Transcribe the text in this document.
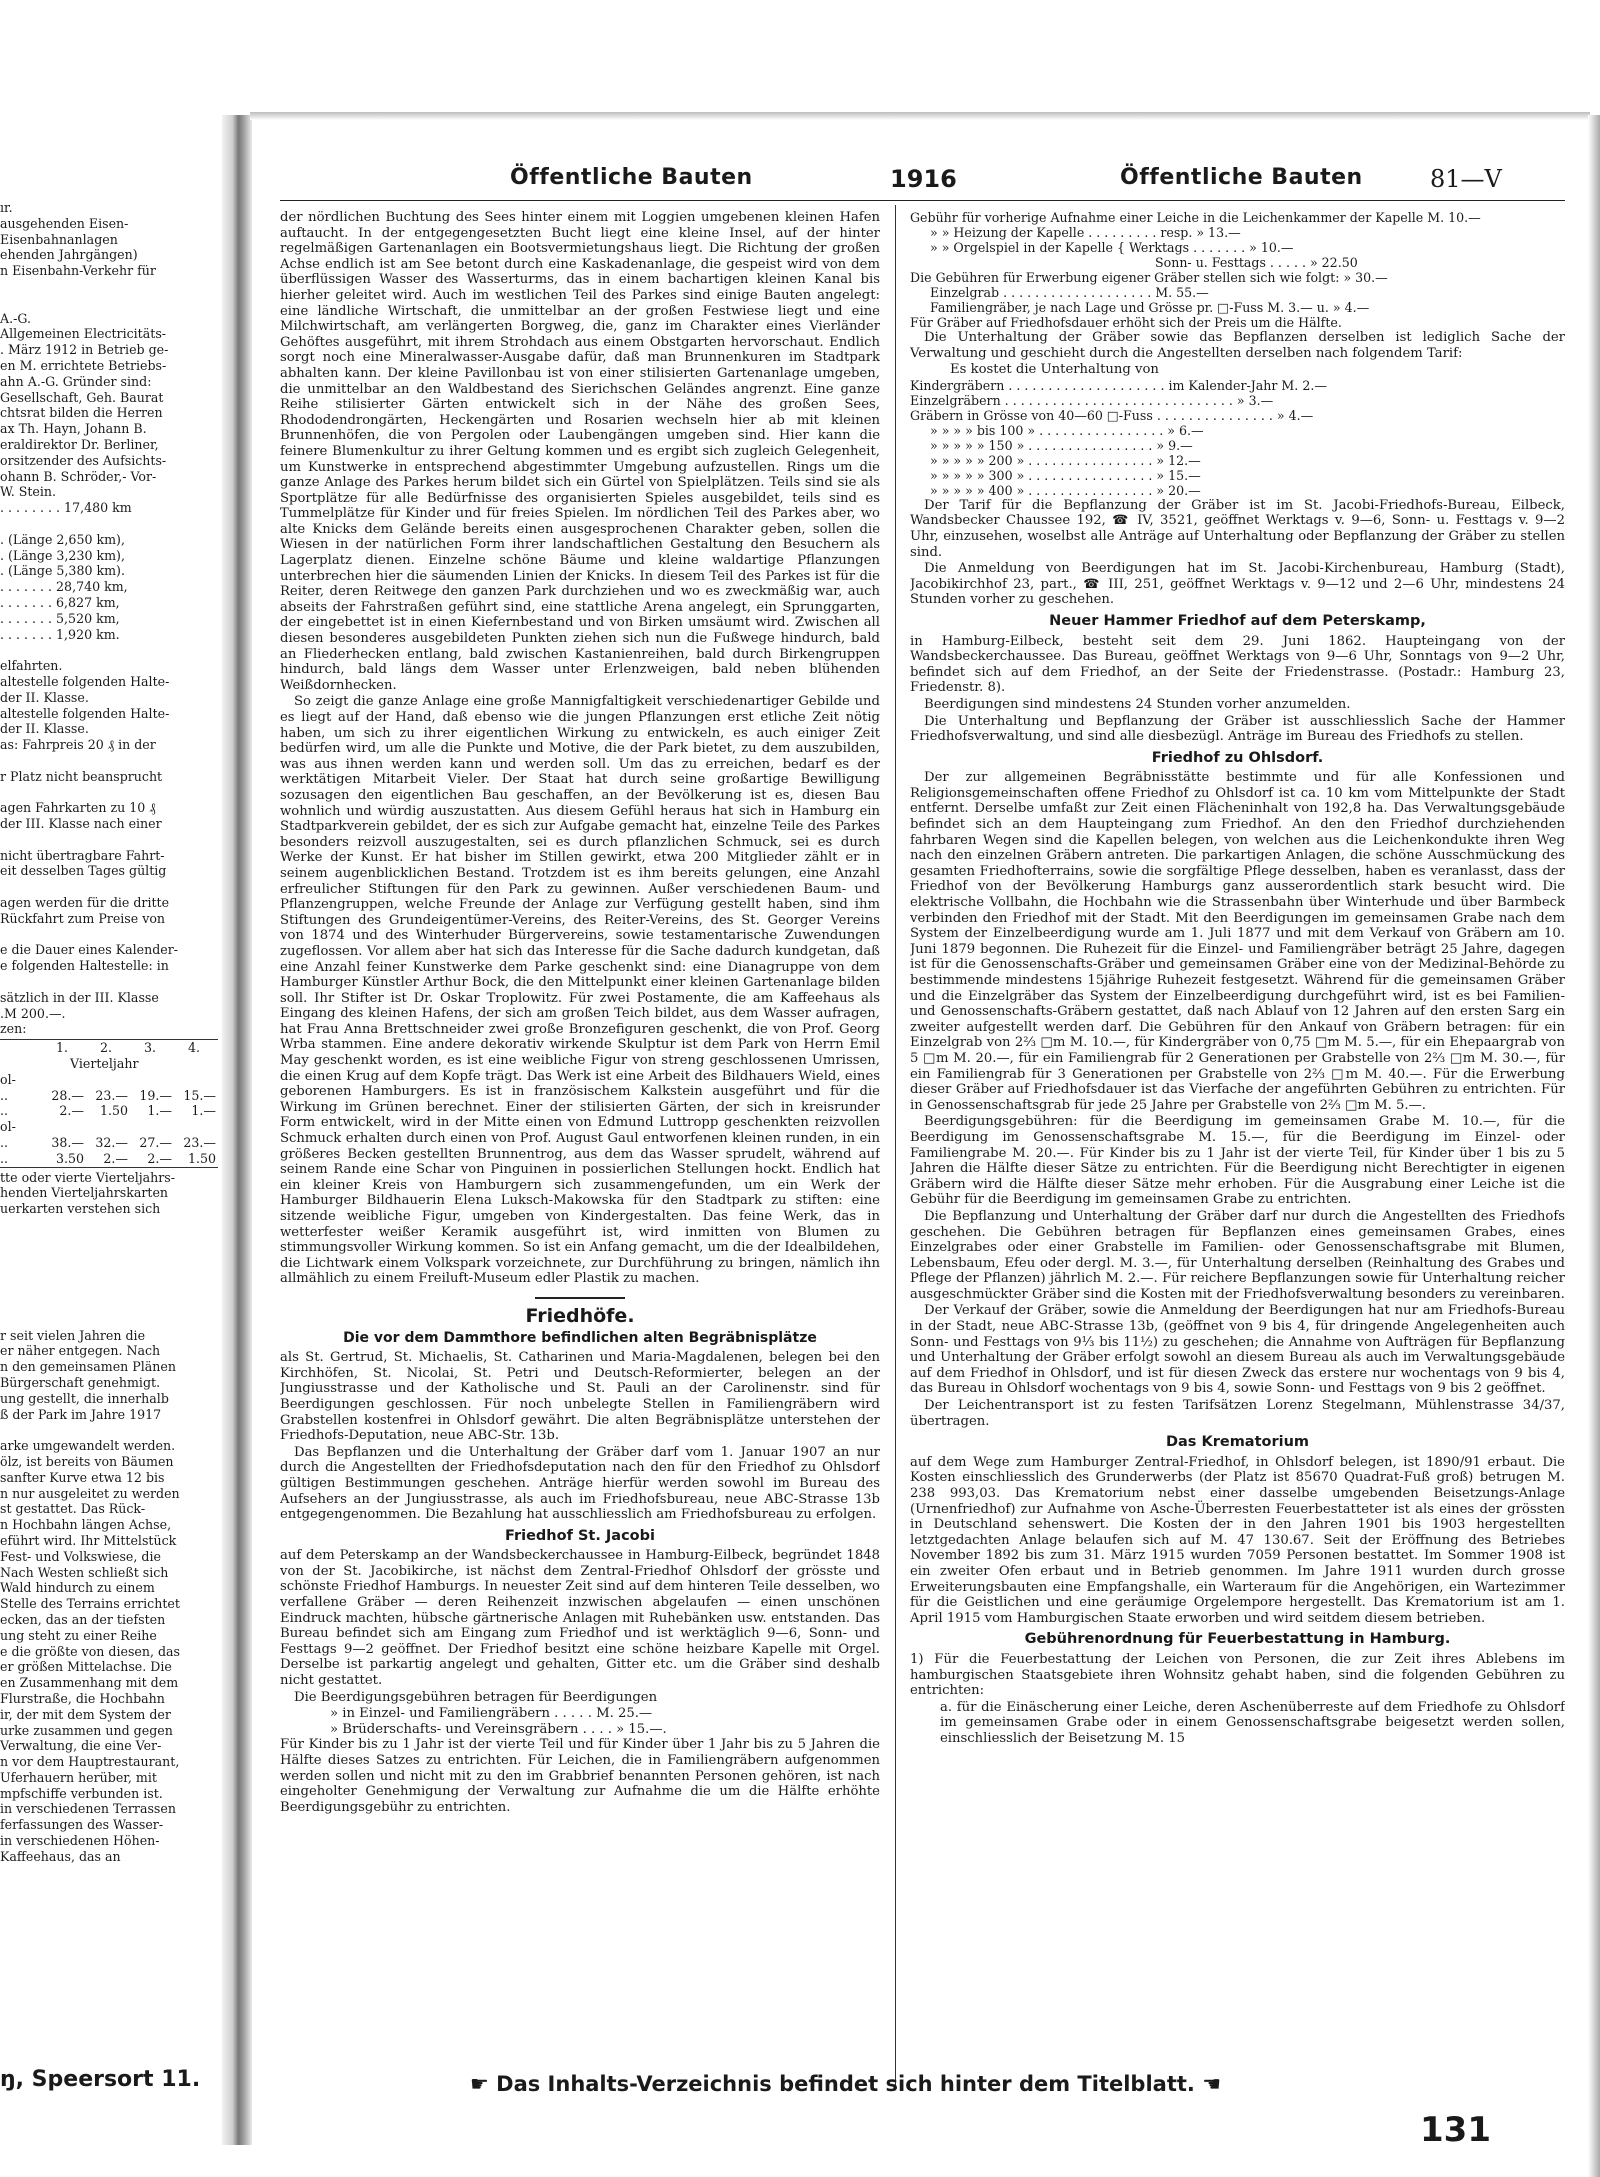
Öffentliche Bauten	1916	Öffentliche Bauten	81—V
ır.
ausgehenden Eisen-
Eisenbahnanlagen
ehenden Jahrgängen)
n Eisenbahn-Verkehr für
A.-G.
Allgemeinen Electricitäts-
. März 1912 in Betrieb ge-
en M. errichtete Betriebs-
ahn A.-G. Gründer sind:
Gesellschaft, Geh. Baurat
chtsrat bilden die Herren
ax Th. Hayn, Johann B.
eraldirektor Dr. Berliner,
orsitzender des Aufsichts-
ohann B. Schröder,- Vor-
W. Stein.
. . . . . . . . 17,480 km
. (Länge 2,650 km),
. (Länge 3,230 km),
. (Länge 5,380 km).
. . . . . . . 28,740 km,
. . . . . . . 6,827 km,
. . . . . . . 5,520 km,
. . . . . . . 1,920 km.
elfahrten.
altestelle folgenden Halte-
der II. Klasse.
altestelle folgenden Halte-
der II. Klasse.
as: Fahrpreis 20 ₰ in der
r Platz nicht beansprucht
agen Fahrkarten zu 10 ₰
der III. Klasse nach einer
nicht übertragbare Fahrt-
eit desselben Tages gültig
agen werden für die dritte
Rückfahrt zum Preise von
e die Dauer eines Kalender-
e folgenden Haltestelle: in
sätzlich in der III. Klasse
.M 200.—.
zen:
1.	2.	3.	4.
Vierteljahr
ol-
..	28.— 23.— 19.— 15.—
..	2.—	1.50	1.—	1.—
ol-
..	38.— 32.— 27.— 23.—
..	3.50	2.—	2.—	1.50
tte oder vierte Vierteljahrs-
henden Vierteljahrskarten
uerkarten verstehen sich
r seit vielen Jahren die
er näher entgegen. Nach
n den gemeinsamen Plänen
Bürgerschaft genehmigt.
ung gestellt, die innerhalb
ß der Park im Jahre 1917
arke umgewandelt werden.
ölz, ist bereits von Bäumen
sanfter Kurve etwa 12 bis
n nur ausgeleitet zu werden
st gestattet. Das Rück-
n Hochbahn längen Achse,
eführt wird. Ihr Mittelstück
Fest- und Volkswiese, die
Nach Westen schließt sich
Wald hindurch zu einem
Stelle des Terrains errichtet
ecken, das an der tiefsten
ung steht zu einer Reihe
e die größte von diesen, das
er größen Mittelachse. Die
en Zusammenhang mit dem
Flurstraße, die Hochbahn
ir, der mit dem System der
urke zusammen und gegen
Verwaltung, die eine Ver-
n vor dem Hauptrestaurant,
Uferhauern herüber, mit
mpfschiffe verbunden ist.
in verschiedenen Terrassen
ferfassungen des Wasser-
in verschiedenen Höhen-
Kaffeehaus, das an
ŋ, Speersort 11.

der nördlichen Buchtung des Sees hinter einem mit Loggien umgebenen kleinen Hafen auftaucht. In der entgegengesetzten Bucht liegt eine kleine Insel, auf der hinter regelmäßigen Gartenanlagen ein Bootsvermietungshaus liegt. Die Richtung der großen Achse endlich ist am See betont durch eine Kaskadenanlage, die gespeist wird von dem überflüssigen Wasser des Wasserturms, das in einem bachartigen kleinen Kanal bis hierher geleitet wird. Auch im westlichen Teil des Parkes sind einige Bauten angelegt: eine ländliche Wirtschaft, die unmittelbar an der großen Festwiese liegt und eine Milchwirtschaft, am verlängerten Borgweg, die, ganz im Charakter eines Vierländer Gehöftes ausgeführt, mit ihrem Strohdach aus einem Obstgarten hervorschaut. Endlich sorgt noch eine Mineralwasser-Ausgabe dafür, daß man Brunnenkuren im Stadtpark abhalten kann. Der kleine Pavillonbau ist von einer stilisierten Gartenanlage umgeben, die unmittelbar an den Waldbestand des Sierichschen Geländes angrenzt. Eine ganze Reihe stilisierter Gärten entwickelt sich in der Nähe des großen Sees, Rhododendrongärten, Heckengärten und Rosarien wechseln hier ab mit kleinen Brunnenhöfen, die von Pergolen oder Laubengängen umgeben sind. Hier kann die feinere Blumenkultur zu ihrer Geltung kommen und es ergibt sich zugleich Gelegenheit, um Kunstwerke in entsprechend abgestimmter Umgebung aufzustellen. Rings um die ganze Anlage des Parkes herum bildet sich ein Gürtel von Spielplätzen. Teils sind sie als Sportplätze für alle Bedürfnisse des organisierten Spieles ausgebildet, teils sind es Tummelplätze für Kinder und für freies Spielen. Im nördlichen Teil des Parkes aber, wo alte Knicks dem Gelände bereits einen ausgesprochenen Charakter geben, sollen die Wiesen in der natürlichen Form ihrer landschaftlichen Gestaltung den Besuchern als Lagerplatz dienen. Einzelne schöne Bäume und kleine waldartige Pflanzungen unterbrechen hier die säumenden Linien der Knicks. In diesem Teil des Parkes ist für die Reiter, deren Reitwege den ganzen Park durchziehen und wo es zweckmäßig war, auch abseits der Fahrstraßen geführt sind, eine stattliche Arena angelegt, ein Sprunggarten, der eingebettet ist in einen Kiefernbestand und von Birken umsäumt wird. Zwischen all diesen besonderes ausgebildeten Punkten ziehen sich nun die Fußwege hindurch, bald an Fliederhecken entlang, bald zwischen Kastanienreihen, bald durch Birkengruppen hindurch, bald längs dem Wasser unter Erlenzweigen, bald neben blühenden Weißdornhecken.

So zeigt die ganze Anlage eine große Mannigfaltigkeit verschiedenartiger Gebilde und es liegt auf der Hand, daß ebenso wie die jungen Pflanzungen erst etliche Zeit nötig haben, um sich zu ihrer eigentlichen Wirkung zu entwickeln, es auch einiger Zeit bedürfen wird, um alle die Punkte und Motive, die der Park bietet, zu dem auszubilden, was aus ihnen werden kann und werden soll. Um das zu erreichen, bedarf es der werktätigen Mitarbeit Vieler. Der Staat hat durch seine großartige Bewilligung sozusagen den eigentlichen Bau geschaffen, an der Bevölkerung ist es, diesen Bau wohnlich und würdig auszustatten. Aus diesem Gefühl heraus hat sich in Hamburg ein Stadtparkverein gebildet, der es sich zur Aufgabe gemacht hat, einzelne Teile des Parkes besonders reizvoll auszugestalten, sei es durch pflanzlichen Schmuck, sei es durch Werke der Kunst. Er hat bisher im Stillen gewirkt, etwa 200 Mitglieder zählt er in seinem augenblicklichen Bestand. Trotzdem ist es ihm bereits gelungen, eine Anzahl erfreulicher Stiftungen für den Park zu gewinnen. Außer verschiedenen Baum- und Pflanzengruppen, welche Freunde der Anlage zur Verfügung gestellt haben, sind ihm Stiftungen des Grundeigentümer-Vereins, des Reiter-Vereins, des St. Georger Vereins von 1874 und des Winterhuder Bürgervereins, sowie testamentarische Zuwendungen zugeflossen. Vor allem aber hat sich das Interesse für die Sache dadurch kundgetan, daß eine Anzahl feiner Kunstwerke dem Parke geschenkt sind: eine Dianagruppe von dem Hamburger Künstler Arthur Bock, die den Mittelpunkt einer kleinen Gartenanlage bilden soll. Ihr Stifter ist Dr. Oskar Troplowitz. Für zwei Postamente, die am Kaffeehaus als Eingang des kleinen Hafens, der sich am großen Teich bildet, aus dem Wasser aufragen, hat Frau Anna Brettschneider zwei große Bronzefiguren geschenkt, die von Prof. Georg Wrba stammen. Eine andere dekorativ wirkende Skulptur ist dem Park von Herrn Emil May geschenkt worden, es ist eine weibliche Figur von streng geschlossenen Umrissen, die einen Krug auf dem Kopfe trägt. Das Werk ist eine Arbeit des Bildhauers Wield, eines geborenen Hamburgers. Es ist in französischem Kalkstein ausgeführt und für die Wirkung im Grünen berechnet. Einer der stilisierten Gärten, der sich in kreisrunder Form entwickelt, wird in der Mitte einen von Edmund Luttropp geschenkten reizvollen Schmuck erhalten durch einen von Prof. August Gaul entworfenen kleinen runden, in ein größeres Becken gestellten Brunnentrog, aus dem das Wasser sprudelt, während auf seinem Rande eine Schar von Pinguinen in possierlichen Stellungen hockt. Endlich hat ein kleiner Kreis von Hamburgern sich zusammengefunden, um ein Werk der Hamburger Bildhauerin Elena Luksch-Makowska für den Stadtpark zu stiften: eine sitzende weibliche Figur, umgeben von Kindergestalten. Das feine Werk, das in wetterfester weißer Keramik ausgeführt ist, wird inmitten von Blumen zu stimmungsvoller Wirkung kommen. So ist ein Anfang gemacht, um die der Idealbildehen, die Lichtwark einem Volkspark vorzeichnete, zur Durchführung zu bringen, nämlich ihn allmählich zu einem Freiluft-Museum edler Plastik zu machen.

Friedhöfe.
Die vor dem Dammthore befindlichen alten Begräbnisplätze

als St. Gertrud, St. Michaelis, St. Catharinen und Maria-Magdalenen, belegen bei den Kirchhöfen, St. Nicolai, St. Petri und Deutsch-Reformierter, belegen an der Jungiusstrasse und der Katholische und St. Pauli an der Carolinenstr. sind für Beerdigungen geschlossen. Für noch unbelegte Stellen in Familiengräbern wird Grabstellen kostenfrei in Ohlsdorf gewährt. Die alten Begräbnisplätze unterstehen der Friedhofs-Deputation, neue ABC-Str. 13b.

Das Bepflanzen und die Unterhaltung der Gräber darf vom 1. Januar 1907 an nur durch die Angestellten der Friedhofsdeputation nach den für den Friedhof zu Ohlsdorf gültigen Bestimmungen geschehen. Anträge hierfür werden sowohl im Bureau des Aufsehers an der Jungiusstrasse, als auch im Friedhofsbureau, neue ABC-Strasse 13b entgegengenommen. Die Bezahlung hat ausschliesslich am Friedhofsbureau zu erfolgen.

Friedhof St. Jacobi

auf dem Peterskamp an der Wandsbeckerchaussee in Hamburg-Eilbeck, begründet 1848 von der St. Jacobikirche, ist nächst dem Zentral-Friedhof Ohlsdorf der grösste und schönste Friedhof Hamburgs. In neuester Zeit sind auf dem hinteren Teile desselben, wo verfallene Gräber — deren Reihenzeit inzwischen abgelaufen — einen unschönen Eindruck machten, hübsche gärtnerische Anlagen mit Ruhebänken usw. entstanden. Das Bureau befindet sich am Eingang zum Friedhof und ist werktäglich 9—6, Sonn- und Festtags 9—2 geöffnet. Der Friedhof besitzt eine schöne heizbare Kapelle mit Orgel. Derselbe ist parkartig angelegt und gehalten, Gitter etc. um die Gräber sind deshalb nicht gestattet.

Die Beerdigungsgebühren betragen für Beerdigungen

» in Einzel- und Familiengräbern . . . . . M. 25.—
» Brüderschafts- und Vereinsgräbern . . . . » 15.—.

Für Kinder bis zu 1 Jahr ist der vierte Teil und für Kinder über 1 Jahr bis zu 5 Jahren die Hälfte dieses Satzes zu entrichten. Für Leichen, die in Familiengräbern aufgenommen werden sollen und nicht mit zu den im Grabbrief benannten Personen gehören, ist nach eingeholter Genehmigung der Verwaltung zur Aufnahme die um die Hälfte erhöhte Beerdigungsgebühr zu entrichten.

Gebühr für vorherige Aufnahme einer Leiche in die Leichenkammer der Kapelle M. 10.—
» » Heizung der Kapelle . . . . . . . . . resp. » 13.—
» » Orgelspiel in der Kapelle { Werktags . . . . . . . » 10.—
Sonn- u. Festtags . . . . . » 22.50
Die Gebühren für Erwerbung eigener Gräber stellen sich wie folgt: » 30.—
Einzelgrab . . . . . . . . . . . . . . . . . . . M. 55.—
Familiengräber, je nach Lage und Grösse pr. □-Fuss M. 3.— u. » 4.—
Für Gräber auf Friedhofsdauer erhöht sich der Preis um die Hälfte.

Die Unterhaltung der Gräber sowie das Bepflanzen derselben ist lediglich Sache der Verwaltung und geschieht durch die Angestellten derselben nach folgendem Tarif:

Es kostet die Unterhaltung von
Kindergräbern . . . . . . . . . . . . . . . . . . . . im Kalender-Jahr M. 2.—
Einzelgräbern . . . . . . . . . . . . . . . . . . . . . . . . . . . . . » 3.—
Gräbern in Grösse von 40—60 □-Fuss . . . . . . . . . . . . . . . » 4.—
» » » » bis 100 » . . . . . . . . . . . . . . . . » 6.—
» » » » » 150 » . . . . . . . . . . . . . . . . » 9.—
» » » » » 200 » . . . . . . . . . . . . . . . . » 12.—
» » » » » 300 » . . . . . . . . . . . . . . . . » 15.—
» » » » » 400 » . . . . . . . . . . . . . . . . » 20.—

Der Tarif für die Bepflanzung der Gräber ist im St. Jacobi-Friedhofs-Bureau, Eilbeck, Wandsbecker Chaussee 192, ☎ IV, 3521, geöffnet Werktags v. 9—6, Sonn- u. Festtags v. 9—2 Uhr, einzusehen, woselbst alle Anträge auf Unterhaltung oder Bepflanzung der Gräber zu stellen sind.

Die Anmeldung von Beerdigungen hat im St. Jacobi-Kirchenbureau, Hamburg (Stadt), Jacobikirchhof 23, part., ☎ III, 251, geöffnet Werktags v. 9—12 und 2—6 Uhr, mindestens 24 Stunden vorher zu geschehen.

Neuer Hammer Friedhof auf dem Peterskamp,

in Hamburg-Eilbeck, besteht seit dem 29. Juni 1862. Haupteingang von der Wandsbeckerchaussee. Das Bureau, geöffnet Werktags von 9—6 Uhr, Sonntags von 9—2 Uhr, befindet sich auf dem Friedhof, an der Seite der Friedenstrasse. (Postadr.: Hamburg 23, Friedenstr. 8).

Beerdigungen sind mindestens 24 Stunden vorher anzumelden.

Die Unterhaltung und Bepflanzung der Gräber ist ausschliesslich Sache der Hammer Friedhofsverwaltung, und sind alle diesbezügl. Anträge im Bureau des Friedhofs zu stellen.

Friedhof zu Ohlsdorf.

Der zur allgemeinen Begräbnisstätte bestimmte und für alle Konfessionen und Religionsgemeinschaften offene Friedhof zu Ohlsdorf ist ca. 10 km vom Mittelpunkte der Stadt entfernt. Derselbe umfaßt zur Zeit einen Flächeninhalt von 192,8 ha. Das Verwaltungsgebäude befindet sich an dem Haupteingang zum Friedhof. An den den Friedhof durchziehenden fahrbaren Wegen sind die Kapellen belegen, von welchen aus die Leichenkondukte ihren Weg nach den einzelnen Gräbern antreten. Die parkartigen Anlagen, die schöne Ausschmückung des gesamten Friedhofterrains, sowie die sorgfältige Pflege desselben, haben es veranlasst, dass der Friedhof von der Bevölkerung Hamburgs ganz ausserordentlich stark besucht wird. Die elektrische Vollbahn, die Hochbahn wie die Strassenbahn über Winterhude und über Barmbeck verbinden den Friedhof mit der Stadt. Mit den Beerdigungen im gemeinsamen Grabe nach dem System der Einzelbeerdigung wurde am 1. Juli 1877 und mit dem Verkauf von Gräbern am 10. Juni 1879 begonnen. Die Ruhezeit für die Einzel- und Familiengräber beträgt 25 Jahre, dagegen ist für die Genossenschafts-Gräber und gemeinsamen Gräber eine von der Medizinal-Behörde zu bestimmende mindestens 15jährige Ruhezeit festgesetzt. Während für die gemeinsamen Gräber und die Einzelgräber das System der Einzelbeerdigung durchgeführt wird, ist es bei Familien- und Genossenschafts-Gräbern gestattet, daß nach Ablauf von 12 Jahren auf den ersten Sarg ein zweiter aufgestellt werden darf. Die Gebühren für den Ankauf von Gräbern betragen: für ein Einzelgrab von 2⅔ □m M. 10.—, für Kindergräber von 0,75 □m M. 5.—, für ein Ehepaargrab von 5 □m M. 20.—, für ein Familiengrab für 2 Generationen per Grabstelle von 2⅔ □m M. 30.—, für ein Familiengrab für 3 Generationen per Grabstelle von 2⅔ □m M. 40.—. Für die Erwerbung dieser Gräber auf Friedhofsdauer ist das Vierfache der angeführten Gebühren zu entrichten. Für in Genossenschaftsgrab für jede 25 Jahre per Grabstelle von 2⅔ □m M. 5.—.

Beerdigungsgebühren: für die Beerdigung im gemeinsamen Grabe M. 10.—, für die Beerdigung im Genossenschaftsgrabe M. 15.—, für die Beerdigung im Einzel- oder Familiengrabe M. 20.—. Für Kinder bis zu 1 Jahr ist der vierte Teil, für Kinder über 1 bis zu 5 Jahren die Hälfte dieser Sätze zu entrichten. Für die Beerdigung nicht Berechtigter in eigenen Gräbern wird die Hälfte dieser Sätze mehr erhoben. Für die Ausgrabung einer Leiche ist die Gebühr für die Beerdigung im gemeinsamen Grabe zu entrichten.

Die Bepflanzung und Unterhaltung der Gräber darf nur durch die Angestellten des Friedhofs geschehen. Die Gebühren betragen für Bepflanzen eines gemeinsamen Grabes, eines Einzelgrabes oder einer Grabstelle im Familien- oder Genossenschaftsgrabe mit Blumen, Lebensbaum, Efeu oder dergl. M. 3.—, für Unterhaltung derselben (Reinhaltung des Grabes und Pflege der Pflanzen) jährlich M. 2.—. Für reichere Bepflanzungen sowie für Unterhaltung reicher ausgeschmückter Gräber sind die Kosten mit der Friedhofsverwaltung besonders zu vereinbaren.

Der Verkauf der Gräber, sowie die Anmeldung der Beerdigungen hat nur am Friedhofs-Bureau in der Stadt, neue ABC-Strasse 13b, (geöffnet von 9 bis 4, für dringende Angelegenheiten auch Sonn- und Festtags von 9⅓ bis 11½) zu geschehen; die Annahme von Aufträgen für Bepflanzung und Unterhaltung der Gräber erfolgt sowohl an diesem Bureau als auch im Verwaltungsgebäude auf dem Friedhof in Ohlsdorf, und ist für diesen Zweck das erstere nur wochentags von 9 bis 4, das Bureau in Ohlsdorf wochentags von 9 bis 4, sowie Sonn- und Festtags von 9 bis 2 geöffnet.

Der Leichentransport ist zu festen Tarifsätzen Lorenz Stegelmann, Mühlenstrasse 34/37, übertragen.

Das Krematorium

auf dem Wege zum Hamburger Zentral-Friedhof, in Ohlsdorf belegen, ist 1890/91 erbaut. Die Kosten einschliesslich des Grunderwerbs (der Platz ist 85670 Quadrat-Fuß groß) betrugen M. 238 993,03. Das Krematorium nebst einer dasselbe umgebenden Beisetzungs-Anlage (Urnenfriedhof) zur Aufnahme von Asche-Überresten Feuerbestatteter ist als eines der grössten in Deutschland sehenswert. Die Kosten der in den Jahren 1901 bis 1903 hergestellten letztgedachten Anlage belaufen sich auf M. 47 130.67. Seit der Eröffnung des Betriebes November 1892 bis zum 31. März 1915 wurden 7059 Personen bestattet. Im Sommer 1908 ist ein zweiter Ofen erbaut und in Betrieb genommen. Im Jahre 1911 wurden durch grosse Erweiterungsbauten eine Empfangshalle, ein Warteraum für die Angehörigen, ein Wartezimmer für die Geistlichen und eine geräumige Orgelempore hergestellt. Das Krematorium ist am 1. April 1915 vom Hamburgischen Staate erworben und wird seitdem diesem betrieben.

Gebührenordnung für Feuerbestattung in Hamburg.

1) Für die Feuerbestattung der Leichen von Personen, die zur Zeit ihres Ablebens im hamburgischen Staatsgebiete ihren Wohnsitz gehabt haben, sind die folgenden Gebühren zu entrichten:

a. für die Einäscherung einer Leiche, deren Aschenüberreste auf dem Friedhofe zu Ohlsdorf im gemeinsamen Grabe oder in einem Genossenschaftsgrabe beigesetzt werden sollen, einschliesslich der Beisetzung M. 15

☛ Das Inhalts-Verzeichnis befindet sich hinter dem Titelblatt. ☚
131
